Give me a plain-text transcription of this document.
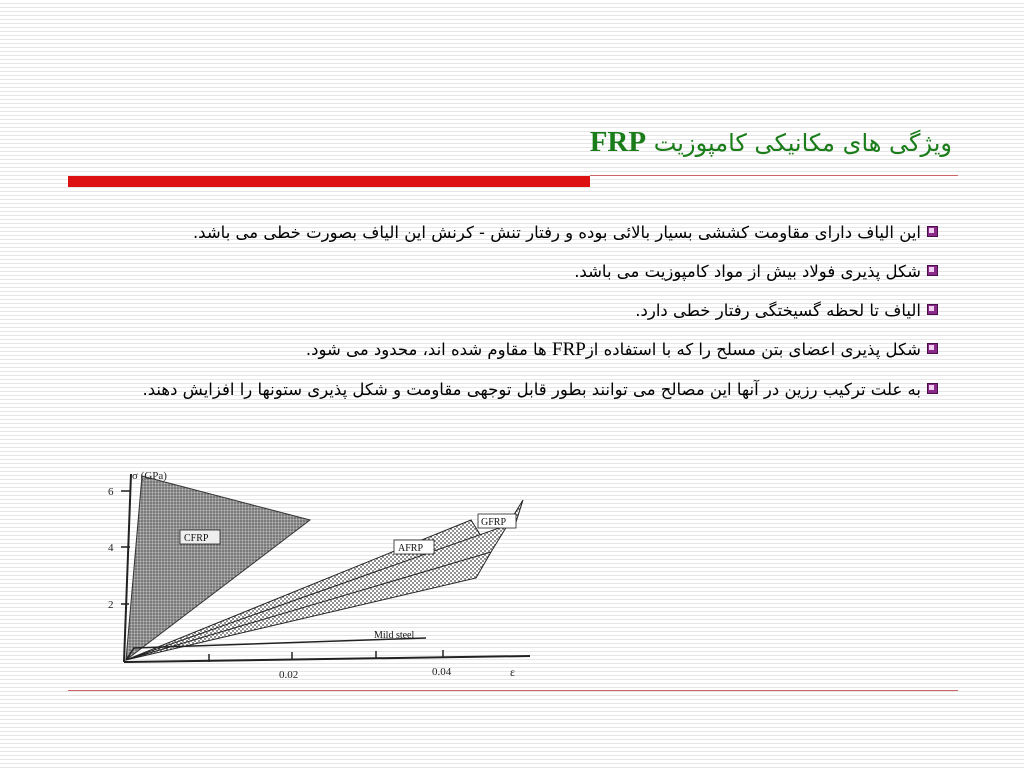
ویژگی های مکانیکی کامپوزیت FRP
این الیاف دارای مقاومت کششی بسیار بالائی بوده و رفتار تنش - کرنش این الیاف بصورت خطی می باشد.
شکل پذیری فولاد بیش از مواد کامپوزیت می باشد.
الیاف تا لحظه گسیختگی رفتار خطی دارد.
شکل پذیری اعضای بتن مسلح را که با استفاده ازFRP ها مقاوم شده اند، محدود می شود.
به علت ترکیب رزین در آنها این مصالح می توانند بطور قابل توجهی مقاومت و شکل پذیری ستونها را افزایش دهند.
σ (GPa)
6
4
2
0.02	0.04	ε
CFRP
AFRP
GFRP
Mild steel
